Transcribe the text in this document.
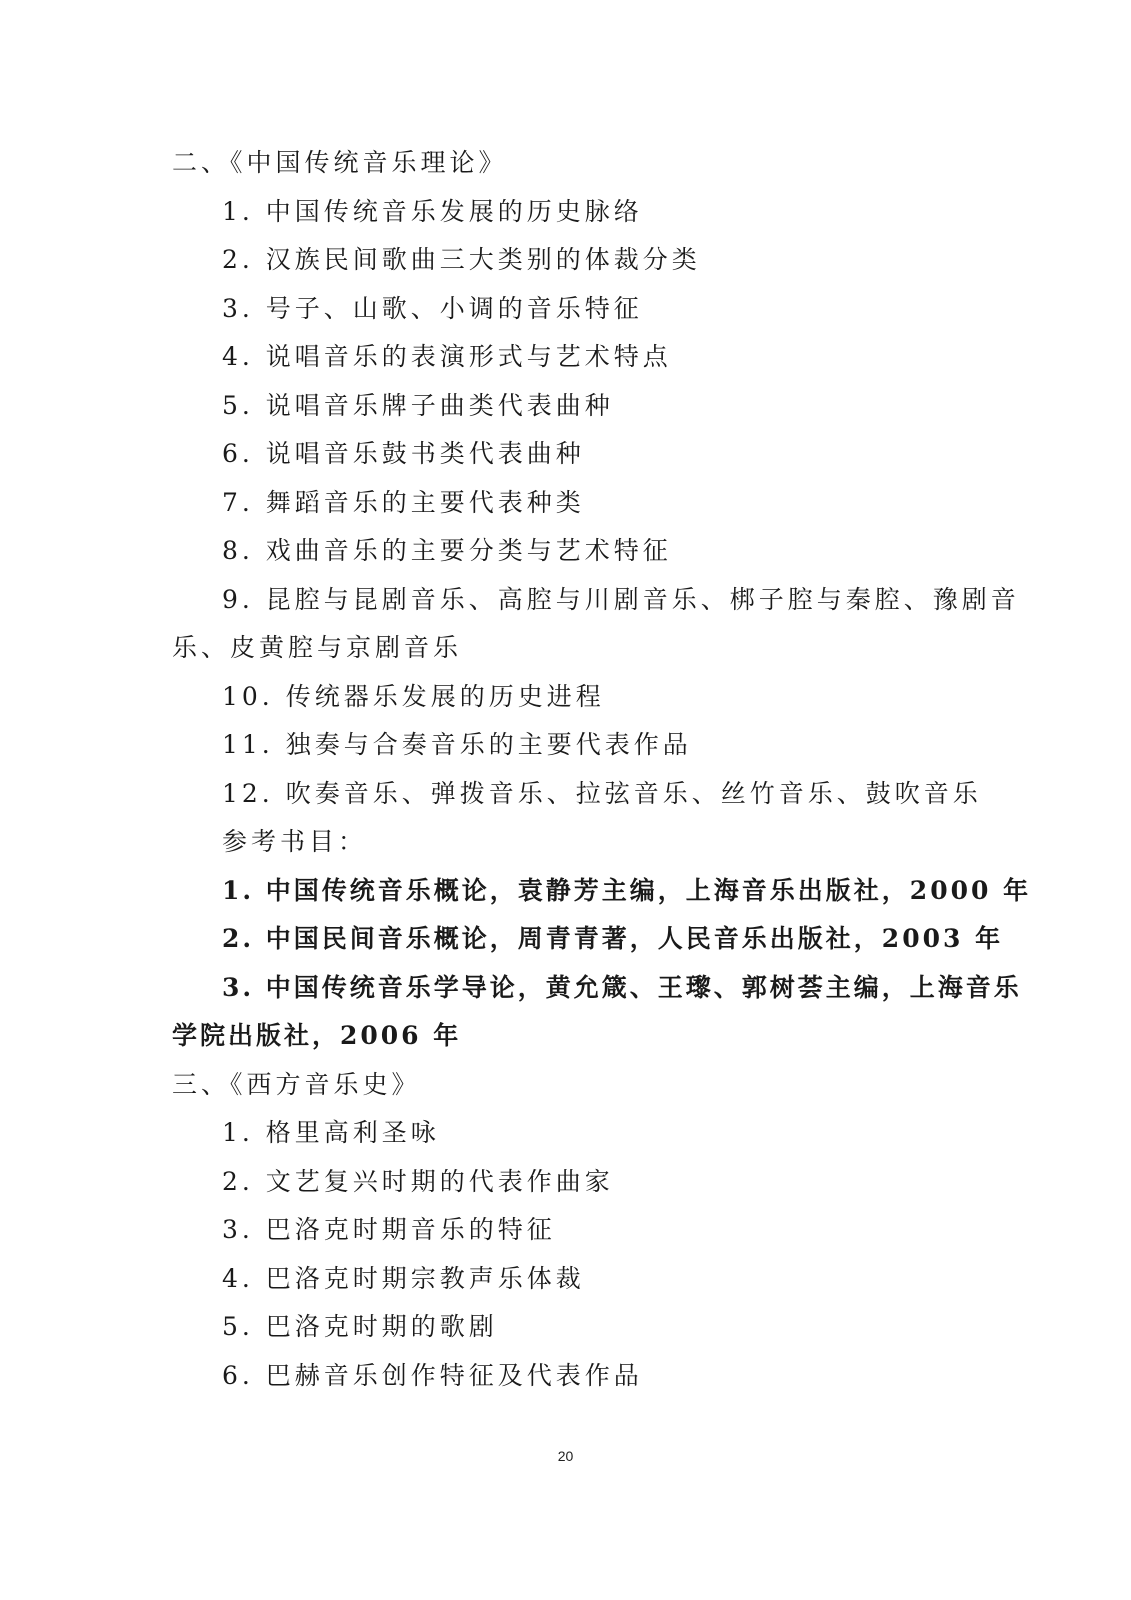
二、《中国传统音乐理论》
1. 中国传统音乐发展的历史脉络
2. 汉族民间歌曲三大类别的体裁分类
3. 号子、山歌、小调的音乐特征
4. 说唱音乐的表演形式与艺术特点
5. 说唱音乐牌子曲类代表曲种
6. 说唱音乐鼓书类代表曲种
7. 舞蹈音乐的主要代表种类
8. 戏曲音乐的主要分类与艺术特征
9. 昆腔与昆剧音乐、高腔与川剧音乐、梆子腔与秦腔、豫剧音
乐、皮黄腔与京剧音乐
10. 传统器乐发展的历史进程
11. 独奏与合奏音乐的主要代表作品
12. 吹奏音乐、弹拨音乐、拉弦音乐、丝竹音乐、鼓吹音乐
参考书目：
1. 中国传统音乐概论，袁静芳主编，上海音乐出版社，2000 年
2. 中国民间音乐概论，周青青著，人民音乐出版社，2003 年
3. 中国传统音乐学导论，黄允箴、王瓈、郭树荟主编，上海音乐
学院出版社，2006 年
三、《西方音乐史》
1. 格里高利圣咏
2. 文艺复兴时期的代表作曲家
3. 巴洛克时期音乐的特征
4. 巴洛克时期宗教声乐体裁
5. 巴洛克时期的歌剧
6. 巴赫音乐创作特征及代表作品
20
